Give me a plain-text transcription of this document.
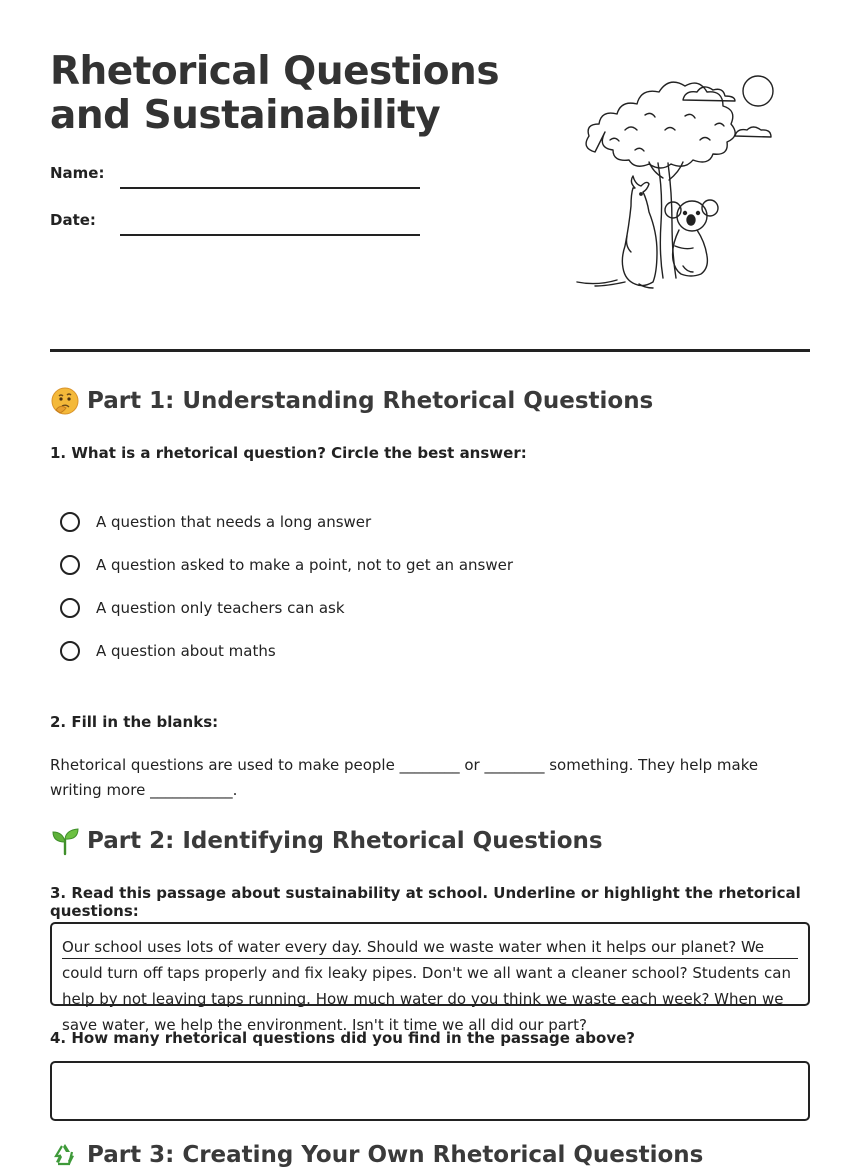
Rhetorical Questions
and Sustainability
Name:
Date:
Part 1: Understanding Rhetorical Questions

1. What is a rhetorical question? Circle the best answer:

A question that needs a long answer
A question asked to make a point, not to get an answer
A question only teachers can ask
A question about maths

2. Fill in the blanks:

Rhetorical questions are used to make people ________ or ________ something. They help make writing more ___________.

Part 2: Identifying Rhetorical Questions

3. Read this passage about sustainability at school. Underline or highlight the rhetorical questions:

Our school uses lots of water every day. Should we waste water when it helps our planet? We could turn off taps properly and fix leaky pipes. Don't we all want a cleaner school? Students can help by not leaving taps running. How much water do you think we waste each week? When we save water, we help the environment. Isn't it time we all did our part?

4. How many rhetorical questions did you find in the passage above?

Part 3: Creating Your Own Rhetorical Questions
